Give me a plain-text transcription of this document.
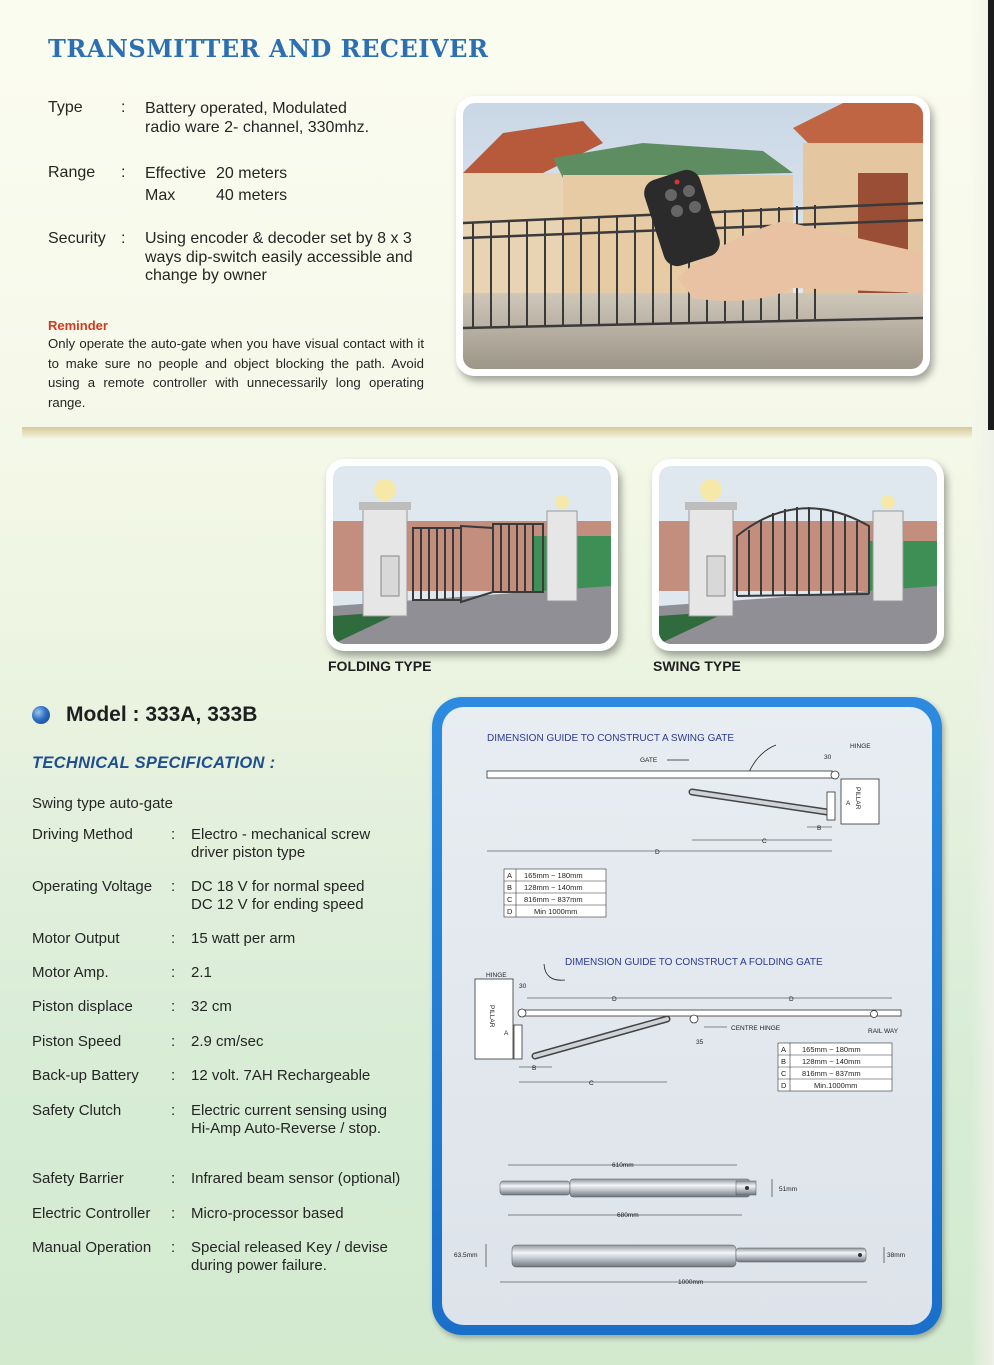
TRANSMITTER AND RECEIVER
Type	: Battery operated, Modulated
radio ware 2- channel, 330mhz.
Range	: Effective 20 meters
Max	40 meters
Security : Using encoder & decoder set by 8 x 3 ways dip-switch easily accessible and change by owner
Reminder
Only operate the auto-gate when you have visual contact with it to make sure no people and object blocking the path. Avoid using a remote controller with unnecessarily long operating range.
FOLDING TYPE	SWING TYPE
Model : 333A, 333B
TECHNICAL SPECIFICATION :
Swing type auto-gate
Driving Method	: Electro - mechanical screw driver piston type
Operating Voltage : DC 18 V for normal speed DC 12 V for ending speed
Motor Output	: 15 watt per arm
Motor Amp.	: 2.1
Piston displace	: 32 cm
Piston Speed	: 2.9 cm/sec
Back-up Battery : 12 volt. 7AH Rechargeable
Safety Clutch	: Electric current sensing using Hi-Amp Auto-Reverse / stop.
Safety Barrier	: Infrared beam sensor (optional)
Electric Controller : Micro-processor based
Manual Operation : Special released Key / devise during power failure.
DIMENSION GUIDE TO CONSTRUCT A SWING GATE
GATE
HINGE
30
PILLAR
A
B
C
D
A 165mm ~ 180mm
B 128mm ~ 140mm
C 816mm ~ 837mm
D	Min 1000mm
DIMENSION GUIDE TO CONSTRUCT A FOLDING GATE
HINGE
30
D	D
PILLAR
CENTRE HINGE
35
RAIL WAY
A
B
C
A 165mm ~ 180mm
B 128mm ~ 140mm
C 816mm ~ 837mm
D	Min.1000mm
610mm
51mm
680mm
63.5mm	38mm
1000mm
